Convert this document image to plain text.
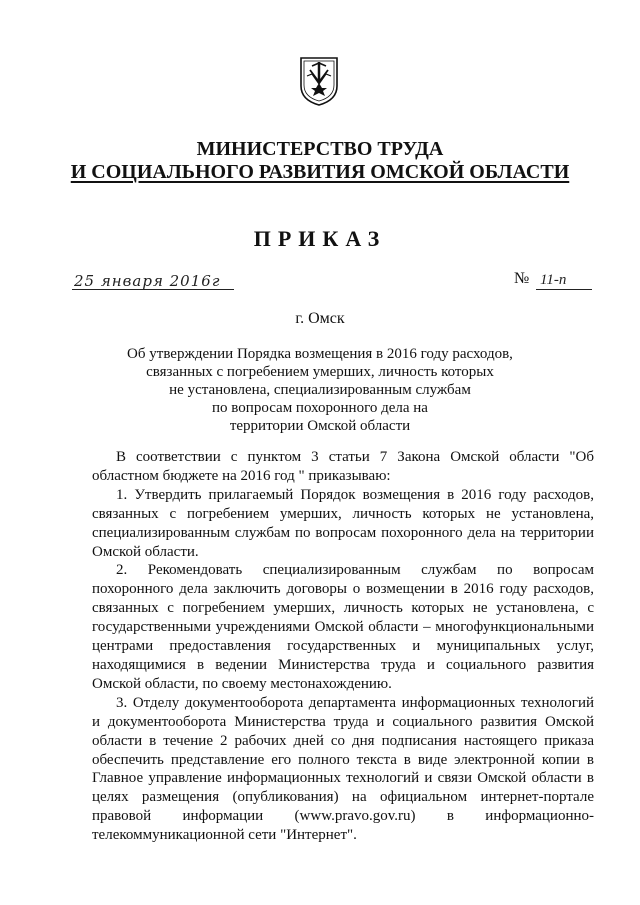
МИНИСТЕРСТВО ТРУДА
И СОЦИАЛЬНОГО РАЗВИТИЯ ОМСКОЙ ОБЛАСТИ
ПРИКАЗ
25 января 2016г	№ 11-п
г. Омск
Об утверждении Порядка возмещения в 2016 году расходов,
связанных с погребением умерших, личность которых
не установлена, специализированным службам
по вопросам похоронного дела на
территории Омской области

В соответствии с пунктом 3 статьи 7 Закона Омской области "Об областном бюджете на 2016 год " приказываю:

1. Утвердить прилагаемый Порядок возмещения в 2016 году расходов, связанных с погребением умерших, личность которых не установлена, специализированным службам по вопросам похоронного дела на территории Омской области.

2. Рекомендовать специализированным службам по вопросам похоронного дела заключить договоры о возмещении в 2016 году расходов, связанных с погребением умерших, личность которых не установлена, с государственными учреждениями Омской области – многофункциональными центрами предоставления государственных и муниципальных услуг, находящимися в ведении Министерства труда и социального развития Омской области, по своему местонахождению.

3. Отделу документооборота департамента информационных технологий и документооборота Министерства труда и социального развития Омской области в течение 2 рабочих дней со дня подписания настоящего приказа обеспечить представление его полного текста в виде электронной копии в Главное управление информационных технологий и связи Омской области в целях размещения (опубликования) на официальном интернет-портале правовой информации (www.pravo.gov.ru) в информационно-телекоммуникационной сети "Интернет".
